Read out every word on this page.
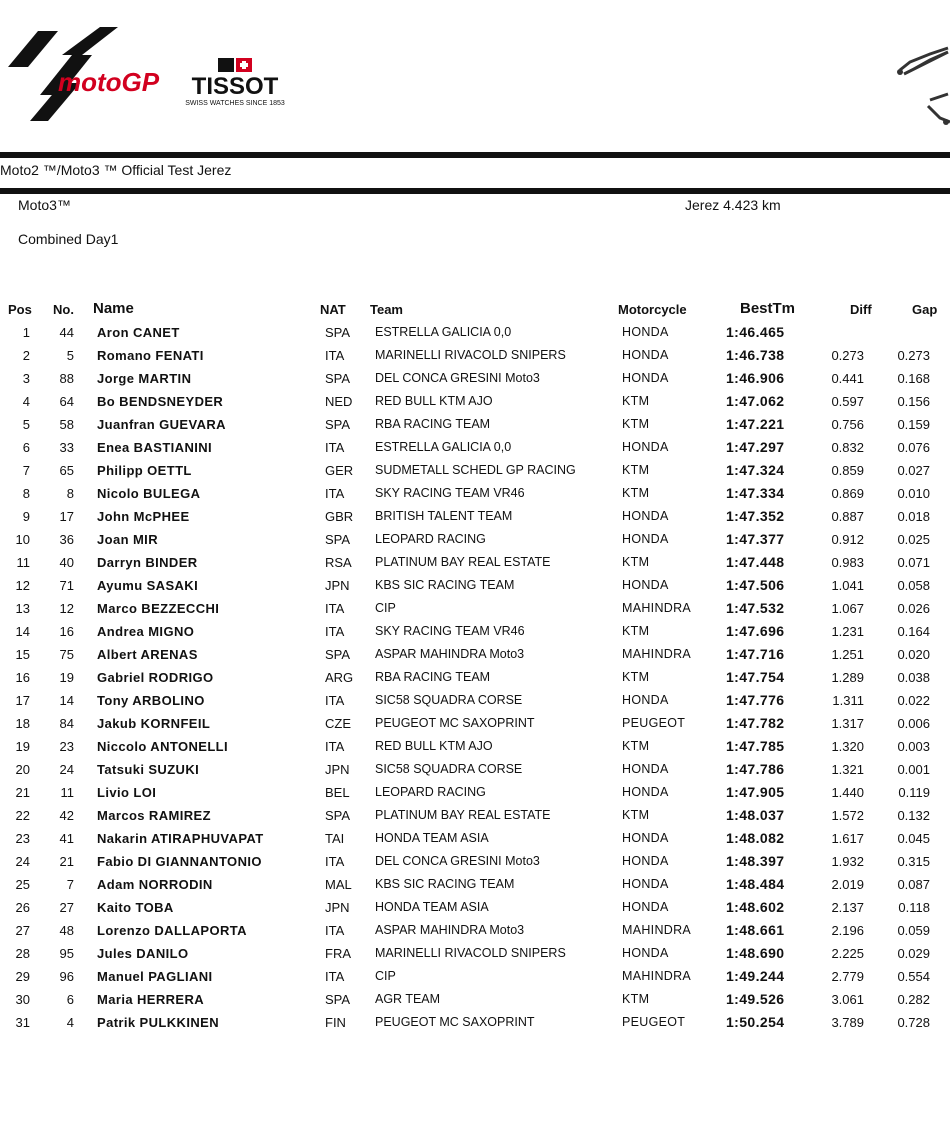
motoGP TISSOT
SWISS WATCHES SINCE 1853
Moto2 ™/Moto3 ™ Official Test Jerez
Moto3™
Combined Day1
Jerez 4.423 km
Pos No. Name	NAT Team	Motorcycle	BestTm	Diff	Gap
1	44 Aron CANET	SPA ESTRELLA GALICIA 0,0	HONDA	1:46.465
2	5 Romano FENATI	ITA MARINELLI RIVACOLD SNIPERS	HONDA	1:46.738	0.273	0.273
3	88 Jorge MARTIN	SPA DEL CONCA GRESINI Moto3	HONDA	1:46.906	0.441	0.168
4	64 Bo BENDSNEYDER	NED RED BULL KTM AJO	KTM	1:47.062	0.597	0.156
5	58 Juanfran GUEVARA	SPA RBA RACING TEAM	KTM	1:47.221	0.756	0.159
6	33 Enea BASTIANINI	ITA ESTRELLA GALICIA 0,0	HONDA	1:47.297	0.832	0.076
7	65 Philipp OETTL	GER SUDMETALL SCHEDL GP RACING	KTM	1:47.324	0.859	0.027
8	8 Nicolo BULEGA	ITA SKY RACING TEAM VR46	KTM	1:47.334	0.869	0.010
9	17 John McPHEE	GBR BRITISH TALENT TEAM	HONDA	1:47.352	0.887	0.018
10	36 Joan MIR	SPA LEOPARD RACING	HONDA	1:47.377	0.912	0.025
11	40 Darryn BINDER	RSA PLATINUM BAY REAL ESTATE	KTM	1:47.448	0.983	0.071
12	71 Ayumu SASAKI	JPN KBS SIC RACING TEAM	HONDA	1:47.506	1.041	0.058
13	12 Marco BEZZECCHI	ITA CIP	MAHINDRA 1:47.532	1.067	0.026
14	16 Andrea MIGNO	ITA SKY RACING TEAM VR46	KTM	1:47.696	1.231	0.164
15	75 Albert ARENAS	SPA ASPAR MAHINDRA Moto3	MAHINDRA 1:47.716	1.251	0.020
16	19 Gabriel RODRIGO	ARG RBA RACING TEAM	KTM	1:47.754	1.289	0.038
17	14 Tony ARBOLINO	ITA SIC58 SQUADRA CORSE	HONDA	1:47.776	1.311	0.022
18	84 Jakub KORNFEIL	CZE PEUGEOT MC SAXOPRINT	PEUGEOT	1:47.782	1.317	0.006
19	23 Niccolo ANTONELLI	ITA RED BULL KTM AJO	KTM	1:47.785	1.320	0.003
20	24 Tatsuki SUZUKI	JPN SIC58 SQUADRA CORSE	HONDA	1:47.786	1.321	0.001
21	11 Livio LOI	BEL LEOPARD RACING	HONDA	1:47.905	1.440	0.119
22	42 Marcos RAMIREZ	SPA PLATINUM BAY REAL ESTATE	KTM	1:48.037	1.572	0.132
23	41 Nakarin ATIRAPHUVAPAT	TAI HONDA TEAM ASIA	HONDA	1:48.082	1.617	0.045
24	21 Fabio DI GIANNANTONIO	ITA DEL CONCA GRESINI Moto3	HONDA	1:48.397	1.932	0.315
25	7 Adam NORRODIN	MAL KBS SIC RACING TEAM	HONDA	1:48.484	2.019	0.087
26	27 Kaito TOBA	JPN HONDA TEAM ASIA	HONDA	1:48.602	2.137	0.118
27	48 Lorenzo DALLAPORTA	ITA ASPAR MAHINDRA Moto3	MAHINDRA 1:48.661	2.196	0.059
28	95 Jules DANILO	FRA MARINELLI RIVACOLD SNIPERS	HONDA	1:48.690	2.225	0.029
29	96 Manuel PAGLIANI	ITA CIP	MAHINDRA 1:49.244	2.779	0.554
30	6 Maria HERRERA	SPA AGR TEAM	KTM	1:49.526	3.061	0.282
31	4 Patrik PULKKINEN	FIN PEUGEOT MC SAXOPRINT	PEUGEOT	1:50.254	3.789	0.728
